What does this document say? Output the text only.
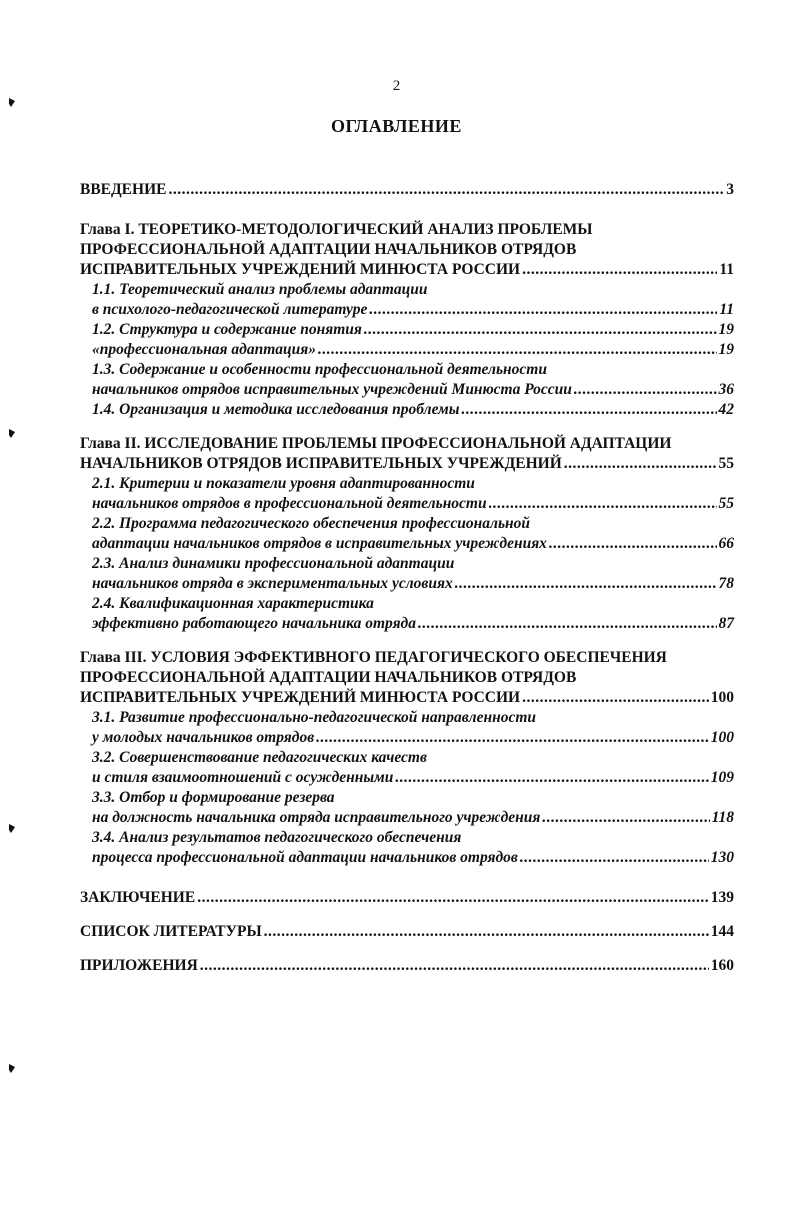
2
ОГЛАВЛЕНИЕ
ВВЕДЕНИЕ .....	3
Глава I. ТЕОРЕТИКО-МЕТОДОЛОГИЧЕСКИЙ АНАЛИЗ ПРОБЛЕМЫ
ПРОФЕССИОНАЛЬНОЙ АДАПТАЦИИ НАЧАЛЬНИКОВ ОТРЯДОВ
ИСПРАВИТЕЛЬНЫХ УЧРЕЖДЕНИЙ МИНЮСТА РОССИИ .....	11
1.1. Теоретический анализ проблемы адаптации
в психолого-педагогической литературе .....	11
1.2. Структура и содержание понятия .....	19
«профессиональная адаптация» .....	19
1.3. Содержание и особенности профессиональной деятельности
начальников отрядов исправительных учреждений Минюста России .....	36
1.4. Организация и методика исследования проблемы .....	42
Глава II. ИССЛЕДОВАНИЕ ПРОБЛЕМЫ ПРОФЕССИОНАЛЬНОЙ АДАПТАЦИИ
НАЧАЛЬНИКОВ ОТРЯДОВ ИСПРАВИТЕЛЬНЫХ УЧРЕЖДЕНИЙ .....	55
2.1. Критерии и показатели уровня адаптированности
начальников отрядов в профессиональной деятельности .....	55
2.2. Программа педагогического обеспечения профессиональной
адаптации начальников отрядов в исправительных учреждениях .....	66
2.3. Анализ динамики профессиональной адаптации
начальников отряда в экспериментальных условиях .....	78
2.4. Квалификационная характеристика
эффективно работающего начальника отряда .....	87
Глава III. УСЛОВИЯ ЭФФЕКТИВНОГО ПЕДАГОГИЧЕСКОГО ОБЕСПЕЧЕНИЯ
ПРОФЕССИОНАЛЬНОЙ АДАПТАЦИИ НАЧАЛЬНИКОВ ОТРЯДОВ
ИСПРАВИТЕЛЬНЫХ УЧРЕЖДЕНИЙ МИНЮСТА РОССИИ .....	100
3.1. Развитие профессионально-педагогической направленности
у молодых начальников отрядов .....	100
3.2. Совершенствование педагогических качеств
и стиля взаимоотношений с осужденными .....	109
3.3. Отбор и формирование резерва
на должность начальника отряда исправительного учреждения .....	118
3.4. Анализ результатов педагогического обеспечения
процесса профессиональной адаптации начальников отрядов .....	130
ЗАКЛЮЧЕНИЕ .....	139
СПИСОК ЛИТЕРАТУРЫ .....	144
ПРИЛОЖЕНИЯ .....	160
